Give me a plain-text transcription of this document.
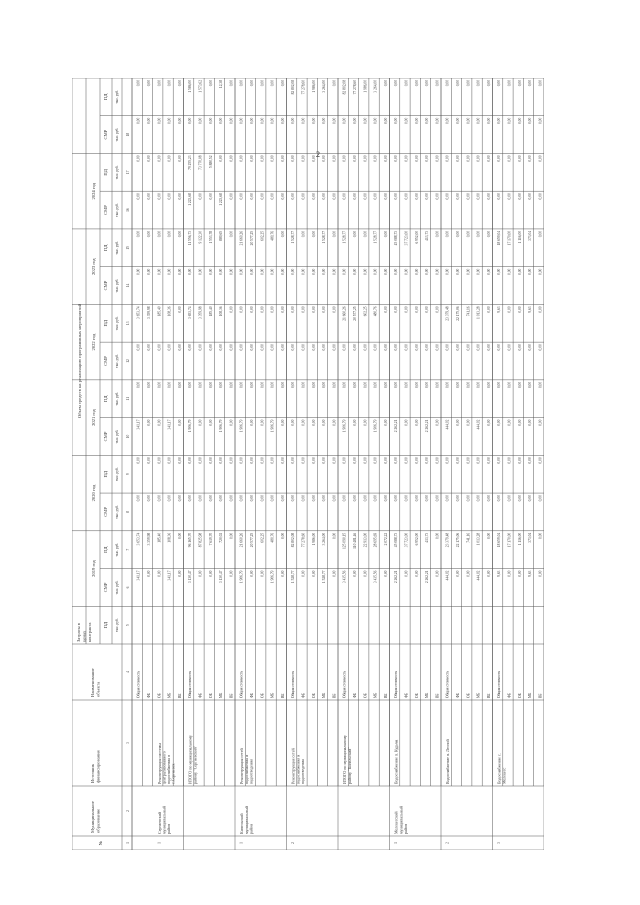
2
№
Муниципальноеобразование
Источникфинансирования
Наименованиеобъекта
Затраты вценахконтракта
Объем средств на реализацию программных мероприятий
2019 год
2020 год
2021 год
2022 год
2023 год
2024 год
ПД тыс. руб.
СМР тыс. руб.
ПД тыс. руб.
СМР тыс. руб.
ПД тыс. руб.
СМР тыс. руб.
ПД тыс. руб.
СМР тыс. руб.
ПД тыс. руб.
СМР тыс. руб.
ПД тыс. руб.
СМР тыс. руб.
ПД тыс. руб.
СМР тыс. руб.
ПД тыс. руб.
1
2
3
4
5
6
7
8
9
10
11
12
13
14
15
16
17
18
Общая стоимость
341,17
3 653,74
0,00
0,00
341,17
0,00
0,00
3 653,74
0,00
0,00
0,00
0,00
0,00
0,00
ФБ
0,00
3 359,98
0,00
0,00
0,00
0,00
0,00
3 359,98
0,00
0,00
0,00
0,00
0,00
0,00
1
Сергиевскиймуниципальныйрайон
Реконструкция системыцентрализованноговодоснабжения вс.Сергиевск
ОБ
0,00
185,40
0,00
0,00
0,00
0,00
0,00
185,40
0,00
0,00
0,00
0,00
0,00
0,00
МБ
341,17
108,36
0,00
0,00
341,17
0,00
0,00
108,36
0,00
0,00
0,00
0,00
0,00
0,00
ВБ
0,00
0,00
0,00
0,00
0,00
0,00
0,00
0,00
0,00
0,00
0,00
0,00
0,00
0,00
ИТОГО по муниципальномурайону "Сергиевский"
Общая стоимость
3 130,47
96 165,70
0,00
0,00
1 906,79
0,00
0,00
3 653,74
0,00
11 556,73
1 223,68
79 255,23
0,00
1 586,00
ФБ
0,00
87 825,98
0,00
0,00
0,00
0,00
0,00
3 359,98
0,00
9 122,30
0,00
73 770,08
0,00
1 573,62
ОБ
0,00
7 619,70
0,00
0,00
0,00
0,00
0,00
185,40
0,00
1 553,78
0,00
5 880,52
0,00
0,00
МБ
3 130,47
720,02
0,00
0,00
1 906,79
0,00
0,00
108,36
0,00
880,65
1 223,68
0,00
0,00
12,38
ВБ
0,00
0,00
0,00
0,00
0,00
0,00
0,00
0,00
0,00
0,00
0,00
0,00
0,00
0,00
1
Кинельскиймуниципальныйрайон
Реконструкция сетейводоснабжения иводоотведения
Общая стоимость
1 906,79
21 660,26
0,00
0,00
1 906,79
0,00
0,00
0,00
0,00
21 660,26
0,00
0,00
0,00
0,00
ФБ
0,00
20 577,25
0,00
0,00
0,00
0,00
0,00
0,00
0,00
20 577,25
0,00
0,00
0,00
0,00
ОБ
0,00
602,25
0,00
0,00
0,00
0,00
0,00
0,00
0,00
602,25
0,00
0,00
0,00
0,00
МБ
1 906,79
480,76
0,00
0,00
1 906,79
0,00
0,00
0,00
0,00
480,76
0,00
0,00
0,00
0,00
ВБ
0,00
0,00
0,00
0,00
0,00
0,00
0,00
0,00
0,00
0,00
0,00
0,00
0,00
0,00
2
Реконструкция сетейводоснабжения иводоотведения
Общая стоимость
1 528,77
82 802,08
0,00
0,00
0,00
0,00
0,00
0,00
0,00
1 528,77
0,00
0,00
0,00
82 802,08
ФБ
0,00
77 278,60
0,00
0,00
0,00
0,00
0,00
0,00
0,00
0,00
0,00
0,00
0,00
77 278,60
ОБ
0,00
1 986,00
0,00
0,00
0,00
0,00
0,00
0,00
0,00
0,00
0,00
0,00
0,00
1 986,00
МБ
1 528,77
3 264,00
0,00
0,00
0,00
0,00
0,00
0,00
0,00
1 528,77
0,00
0,00
0,00
3 264,00
ВБ
0,00
0,00
0,00
0,00
0,00
0,00
0,00
0,00
0,00
0,00
0,00
0,00
0,00
0,00
ИТОГО по муниципальномурайону "Кинельский"
Общая стоимость
3 435,56
125 090,15
0,00
0,00
1 906,79
0,00
0,00
21 660,26
0,00
1 528,77
0,00
0,00
0,00
82 802,08
ФБ
0,00
110 481,46
0,00
0,00
0,00
0,00
0,00
20 577,25
0,00
0,00
0,00
0,00
0,00
77 278,60
ОБ
0,00
22 913,00
0,00
0,00
0,00
0,00
0,00
602,25
0,00
0,00
0,00
0,00
0,00
1 986,00
МБ
3 435,56
28 695,69
0,00
0,00
1 906,79
0,00
0,00
480,76
0,00
1 528,77
0,00
0,00
0,00
3 264,00
ВБ
0,00
2 072,22
0,00
0,00
0,00
0,00
0,00
0,00
0,00
0,00
0,00
0,00
0,00
0,00
1
Мелекесскиймуниципальныйрайон
Водоснабжение п. Кудьма
Общая стоимость
2 262,21
45 088,73
0,00
0,00
2 262,21
0,00
0,00
0,00
0,00
45 088,73
0,00
0,00
0,00
0,00
ФБ
0,00
37 723,00
0,00
0,00
0,00
0,00
0,00
0,00
0,00
37 723,00
0,00
0,00
0,00
0,00
ОБ
0,00
6 952,00
0,00
0,00
0,00
0,00
0,00
0,00
0,00
6 952,00
0,00
0,00
0,00
0,00
МБ
2 262,21
413,73
0,00
0,00
2 262,21
0,00
0,00
0,00
0,00
413,73
0,00
0,00
0,00
0,00
ВБ
0,00
0,00
0,00
0,00
0,00
0,00
0,00
0,00
0,00
0,00
0,00
0,00
0,00
0,00
2
Водоснабжение п. Лесной
Общая стоимость
444,02
23 379,48
0,00
0,00
444,02
0,00
0,00
23 379,48
0,00
0,00
0,00
0,00
0,00
0,00
ФБ
0,00
22 175,06
0,00
0,00
0,00
0,00
0,00
22 175,06
0,00
0,00
0,00
0,00
0,00
0,00
ОБ
0,00
741,16
0,00
0,00
0,00
0,00
0,00
741,16
0,00
0,00
0,00
0,00
0,00
0,00
МБ
444,02
1 013,28
0,00
0,00
444,02
0,00
0,00
1 013,28
0,00
0,00
0,00
0,00
0,00
0,00
ВБ
0,00
0,00
0,00
0,00
0,00
0,00
0,00
0,00
0,00
0,00
0,00
0,00
0,00
0,00
3
Водоснабжение с.Мелекесс
Общая стоимость
9,63
18 659,04
0,00
0,00
0,00
0,00
0,00
9,63
0,00
18 659,04
0,00
0,00
0,00
0,00
ФБ
0,00
17 170,00
0,00
0,00
0,00
0,00
0,00
0,00
0,00
17 170,00
0,00
0,00
0,00
0,00
ОБ
0,00
1 116,00
0,00
0,00
0,00
0,00
0,00
0,00
0,00
1 116,00
0,00
0,00
0,00
0,00
МБ
9,63
373,04
0,00
0,00
0,00
0,00
0,00
9,63
0,00
373,04
0,00
0,00
0,00
0,00
ВБ
0,00
0,00
0,00
0,00
0,00
0,00
0,00
0,00
0,00
0,00
0,00
0,00
0,00
0,00
